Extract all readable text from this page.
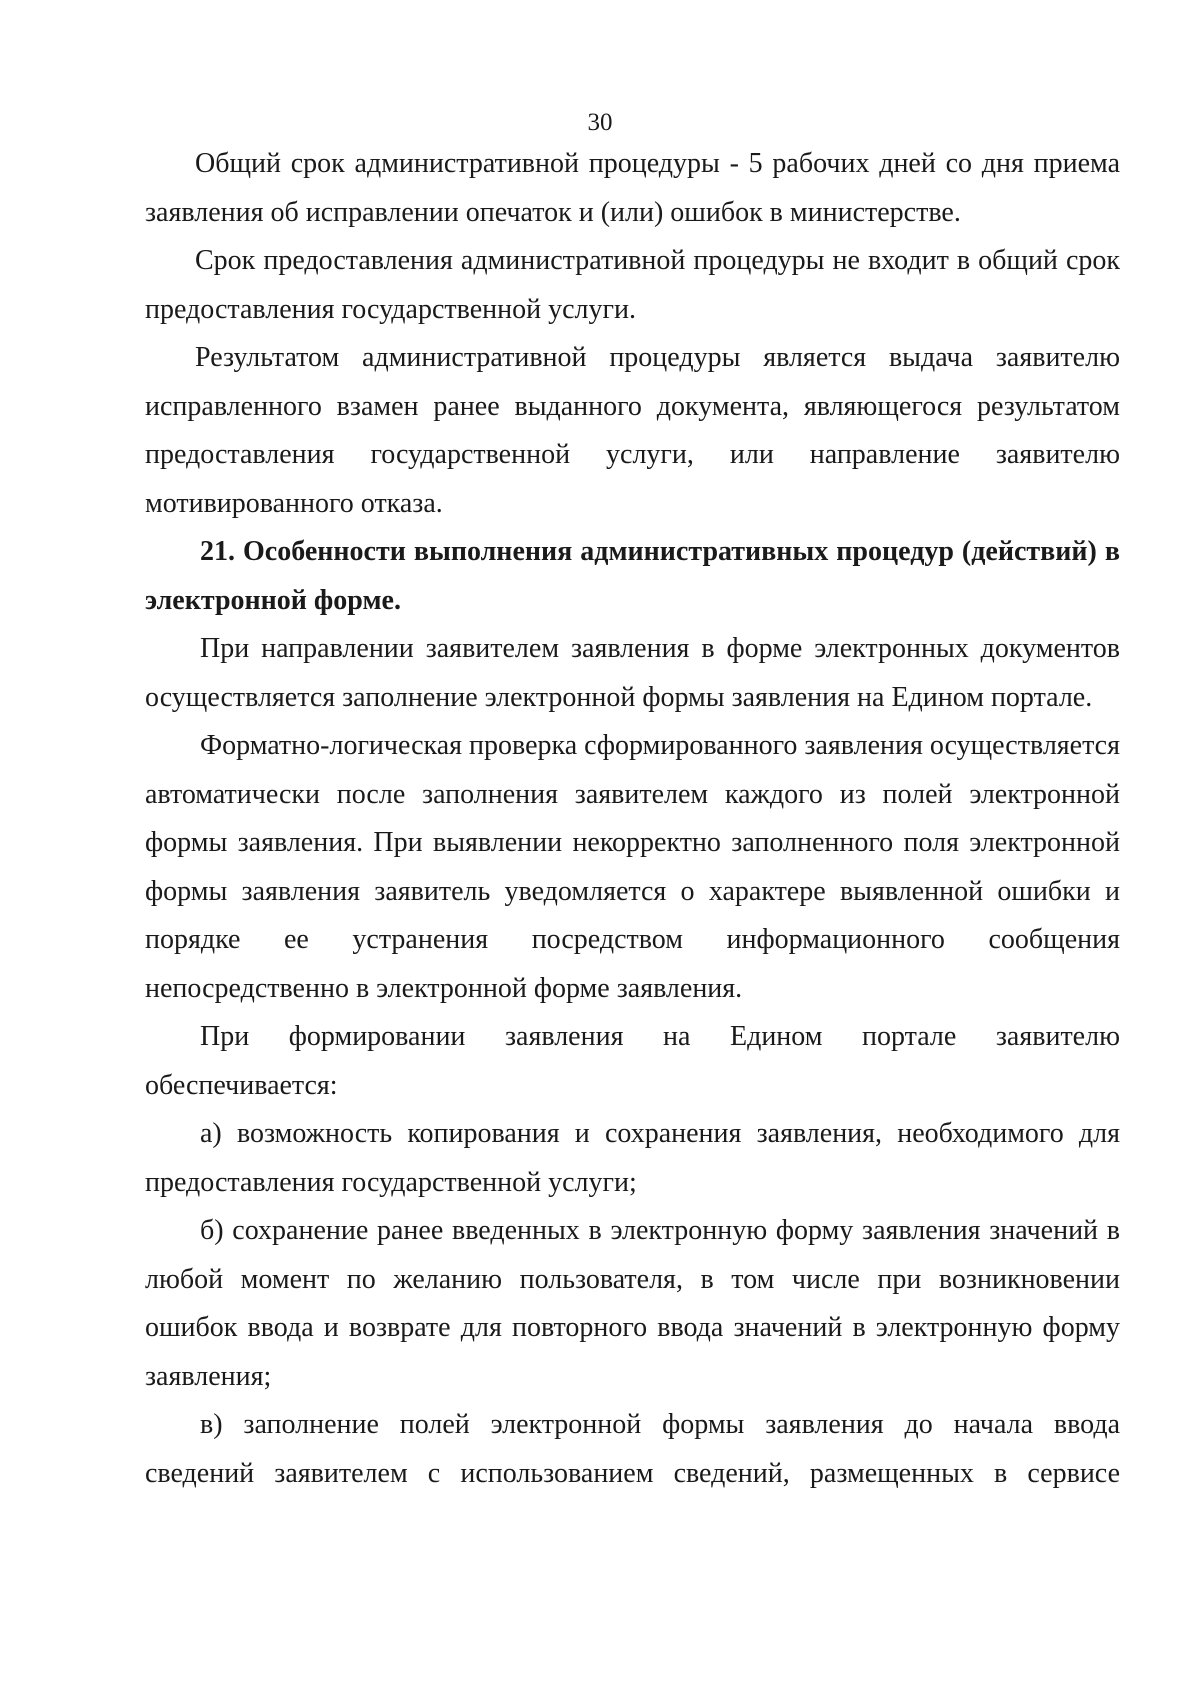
30

Общий срок административной процедуры - 5 рабочих дней со дня приема заявления об исправлении опечаток и (или) ошибок в министерстве.

Срок предоставления административной процедуры не входит в общий срок предоставления государственной услуги.

Результатом административной процедуры является выдача заявителю исправленного взамен ранее выданного документа, являющегося результатом предоставления государственной услуги, или направление заявителю мотивированного отказа.

21. Особенности выполнения административных процедур (действий) в электронной форме.

При направлении заявителем заявления в форме электронных документов осуществляется заполнение электронной формы заявления на Едином портале.

Форматно-логическая проверка сформированного заявления осуществляется автоматически после заполнения заявителем каждого из полей электронной формы заявления. При выявлении некорректно заполненного поля электронной формы заявления заявитель уведомляется о характере выявленной ошибки и порядке ее устранения посредством информационного сообщения непосредственно в электронной форме заявления.

При формировании заявления на Едином портале заявителю обеспечивается:

а) возможность копирования и сохранения заявления, необходимого для предоставления государственной услуги;

б) сохранение ранее введенных в электронную форму заявления значений в любой момент по желанию пользователя, в том числе при возникновении ошибок ввода и возврате для повторного ввода значений в электронную форму заявления;

в) заполнение полей электронной формы заявления до начала ввода сведений заявителем с использованием сведений, размещенных в сервисе
